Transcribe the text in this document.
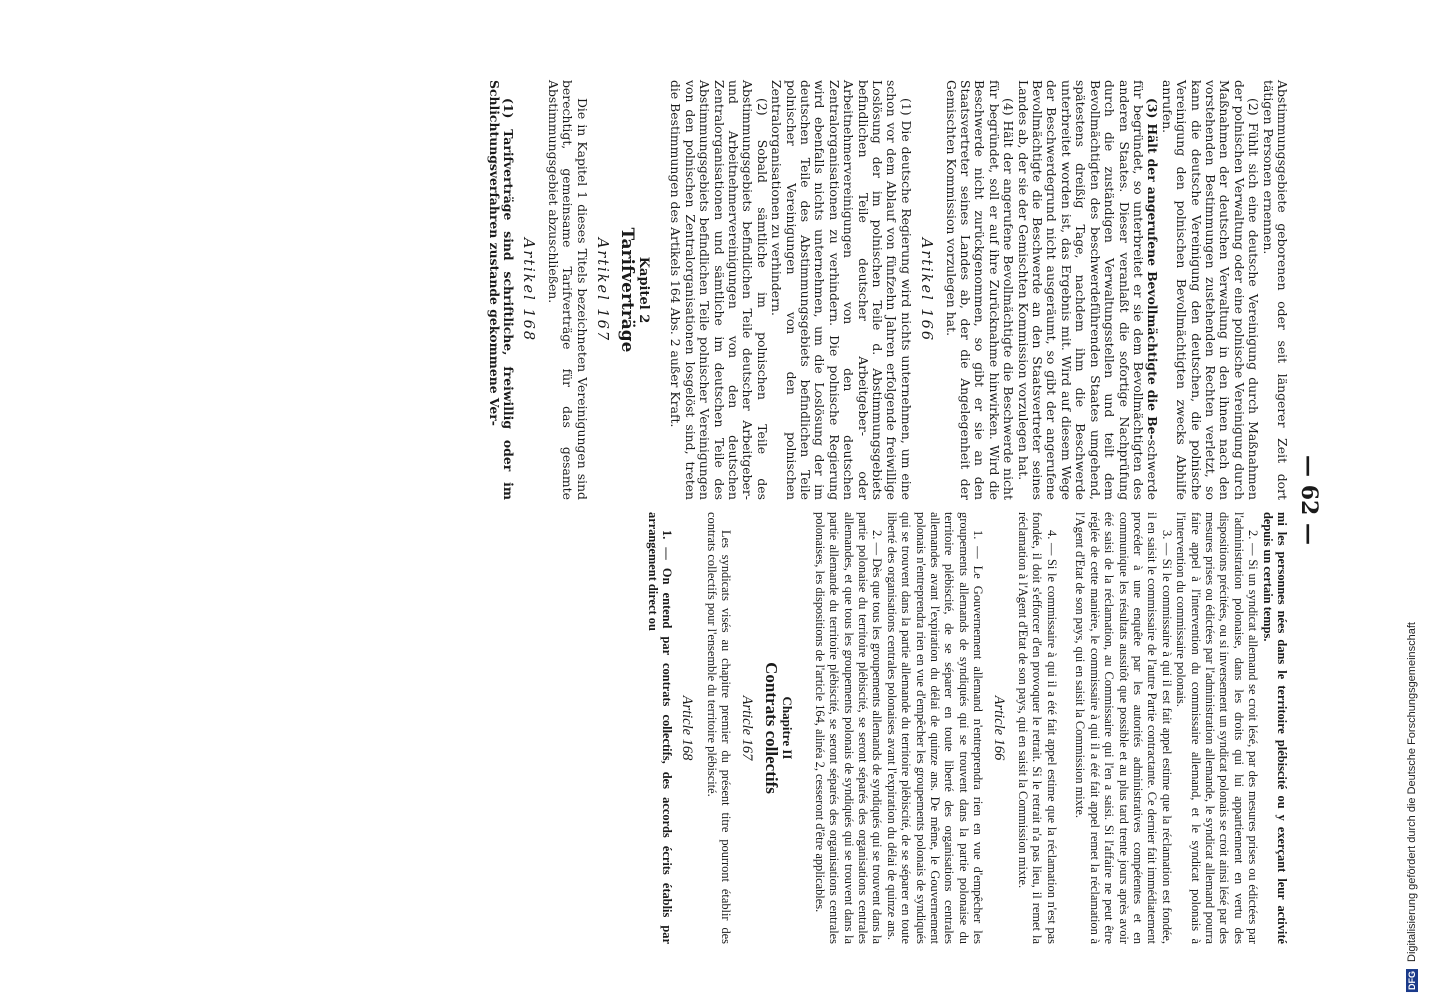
— 62 —

Abstimmungsgebiete geborenen oder seit längerer Zeit dort tätigen Personen ernennen.

(2) Fühlt sich eine deutsche Vereinigung durch Maßnahmen der polnischen Verwaltung oder eine polnische Vereinigung durch Maßnahmen der deutschen Verwaltung in den ihnen nach den vorstehenden Bestimmungen zustehenden Rechten verletzt, so kann die deutsche Vereinigung den deutschen, die polnische Vereinigung den polnischen Bevollmächtigten zwecks Abhilfe anrufen.

(3) Hält der angerufene Bevollmächtigte die Be-schwerde für begründet, so unterbreitet er sie dem Bevollmächtigten des anderen Staates. Dieser veranlaßt die sofortige Nachprüfung durch die zuständigen Verwaltungsstellen und teilt dem Bevollmächtigten des beschwerdeführenden Staates umgehend, spätestens dreißig Tage, nachdem ihm die Beschwerde unterbreitet worden ist, das Ergebnis mit. Wird auf diesem Wege der Beschwerdegrund nicht ausgeräumt, so gibt der angerufene Bevollmächtigte die Beschwerde an den Staatsvertreter seines Landes ab, der sie der Gemischten Kommission vorzulegen hat.

(4) Hält der angerufene Bevollmächtigte die Beschwerde nicht für begründet, soll er auf ihre Zurücknahme hinwirken. Wird die Beschwerde nicht zurückgenommen, so gibt er sie an den Staatsvertreter seines Landes ab, der die Angelegenheit der Gemischten Kommission vorzulegen hat.

Artikel 166

(1) Die deutsche Regierung wird nichts unternehmen, um eine schon vor dem Ablauf von fünfzehn Jahren erfolgende freiwillige Loslösung der im polnischen Teile d. Abstimmungsgebiets befindlichen Teile deutscher Arbeitgeber- oder Arbeitnehmervereinigungen von den deutschen Zentralorganisationen zu verhindern. Die polnische Regierung wird ebenfalls nichts unternehmen, um die Loslösung der im deutschen Teile des Abstimmungsgebiets befindlichen Teile polnischer Vereinigungen von den polnischen Zentralorganisationen zu verhindern.

(2) Sobald sämtliche im polnischen Teile des Abstimmungsgebiets befindlichen Teile deutscher Arbeitgeber- und Arbeitnehmervereinigungen von den deutschen Zentralorganisationen und sämtliche im deutschen Teile des Abstimmungsgebiets befindlichen Teile polnischer Vereinigungen von den polnischen Zentralorganisationen losgelöst sind, treten die Bestimmungen des Artikels 164 Abs. 2 außer Kraft.

Kapitel 2
Tarifverträge
Artikel 167

Die in Kapitel 1 dieses Titels bezeichneten Vereinigungen sind berechtigt, gemeinsame Tarifverträge für das gesamte Abstimmungsgebiet abzuschließen.

Artikel 168

(1) Tarifverträge sind schriftliche, freiwillig oder im Schlichtungsverfahren zustande gekommene Ver-

mi les personnes nées dans le territoire plébiscité ou y exerçant leur activité depuis un certain temps.

2. — Si un syndicat allemand se croit lésé, par des mesures prises ou édictées par l'administration polonaise, dans les droits qui lui appartiennent en vertu des dispositions précitées, ou si inversement un syndicat polonais se croit ainsi lésé par des mesures prises ou édictées par l'administration allemande, le syndicat allemand pourra faire appel à l'intervention du commissaire allemand, et le syndicat polonais à l'intervention du commissaire polonais.

3. — Si le commissaire à qui il est fait appel estime que la réclamation est fondée, il en saisit le commissaire de l'autre Partie contractante. Ce dernier fait immédiatement procéder à une enquête par les autorités administratives compétentes et en communique les résultats aussitôt que possible et au plus tard trente jours après avoir été saisi de la réclamation, au Commissaire qui l'en a saisi. Si l'affaire ne peut être réglée de cette manière, le commissaire à qui il a été fait appel remet la réclamation à l'Agent d'Etat de son pays, qui en saisit la Commission mixte.

4. — Si le commissaire à qui il a été fait appel estime que la réclamation n'est pas fondée, il doit s'efforcer d'en provoquer le retrait. Si le retrait n'a pas lieu, il remet la réclamation à l'Agent d'Etat de son pays, qui en saisit la Commission mixte.

Article 166

1. — Le Gouvernement allemand n'entreprendra rien en vue d'empêcher les groupements allemands de syndiqués qui se trouvent dans la partie polonaise du territoire plébiscité, de se séparer en toute liberté des organisations centrales allemandes avant l'expiration du délai de quinze ans. De même, le Gouvernement polonais n'entreprendra rien en vue d'empêcher les groupements polonais de syndiqués qui se trouvent dans la partie allemande du territoire plébiscité, de se séparer en toute liberté des organisations centrales polonaises avant l'expiration du délai de quinze ans.

2. — Dès que tous les groupements allemands de syndiqués qui se trouvent dans la partie polonaise du territoire plébiscité, se seront séparés des organisations centrales allemandes, et que tous les groupements polonais de syndiqués qui se trouvent dans la partie allemande du territoire plébiscité, se seront séparés des organisations centrales polonaises, les dispositions de l'article 164, alinéa 2, cesseront d'être applicables.

Chapitre II
Contrats collectifs
Article 167

Les syndicats visés au chapitre premier du présent titre pourront établir des contrats collectifs pour l'ensemble du territoire plébiscité.

Article 168

1. — On entend par contrats collectifs, des accords écrits établis par arrangement direct ou

DFG Digitalisierung gefördert durch die Deutsche Forschungsgemeinschaft
